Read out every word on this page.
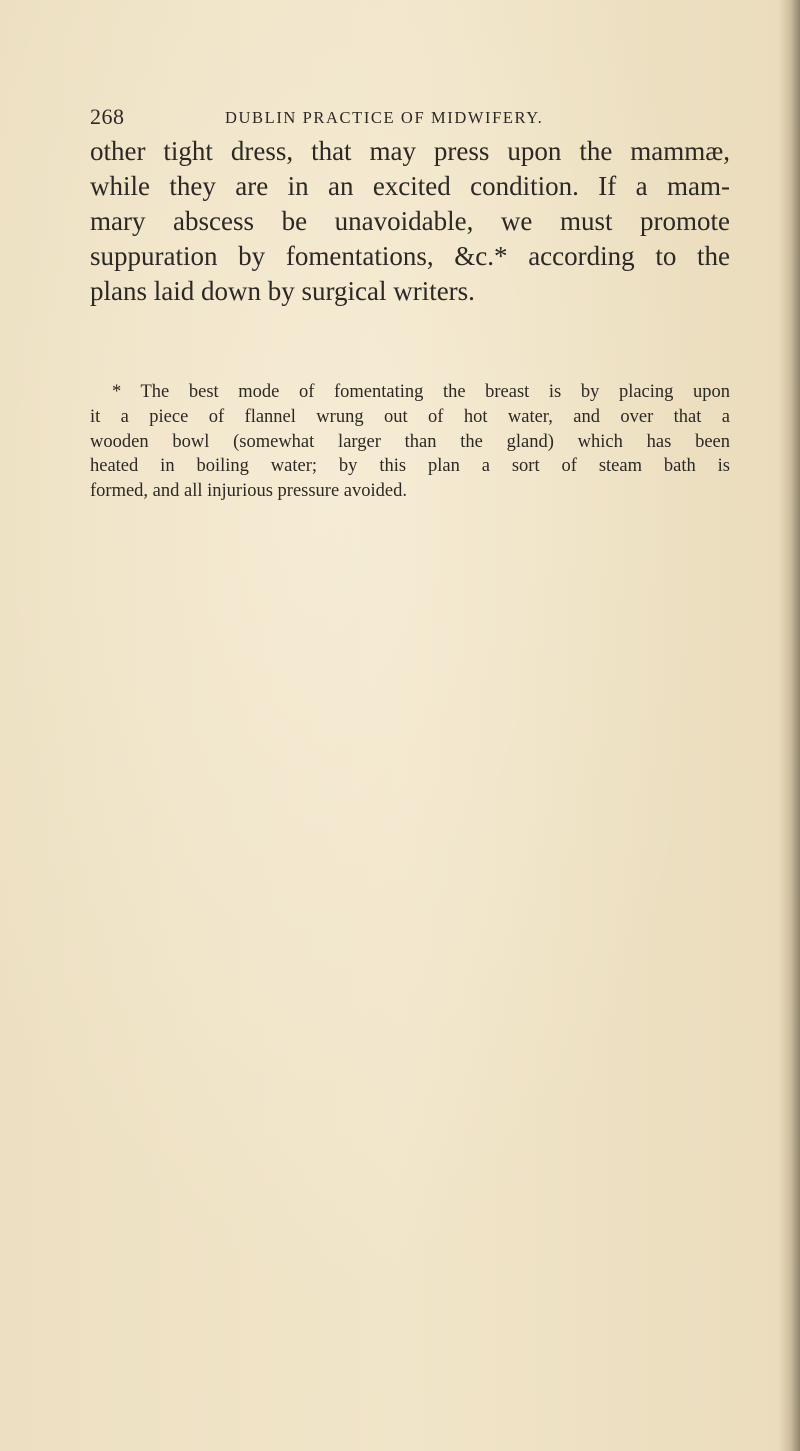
268	DUBLIN PRACTICE OF MIDWIFERY.
other tight dress, that may press upon the mammæ,
while they are in an excited condition. If a mam-
mary abscess be unavoidable, we must promote
suppuration by fomentations, &c.* according to the
plans laid down by surgical writers.
* The best mode of fomentating the breast is by placing upon
it a piece of flannel wrung out of hot water, and over that a
wooden bowl (somewhat larger than the gland) which has been
heated in boiling water; by this plan a sort of steam bath is
formed, and all injurious pressure avoided.
